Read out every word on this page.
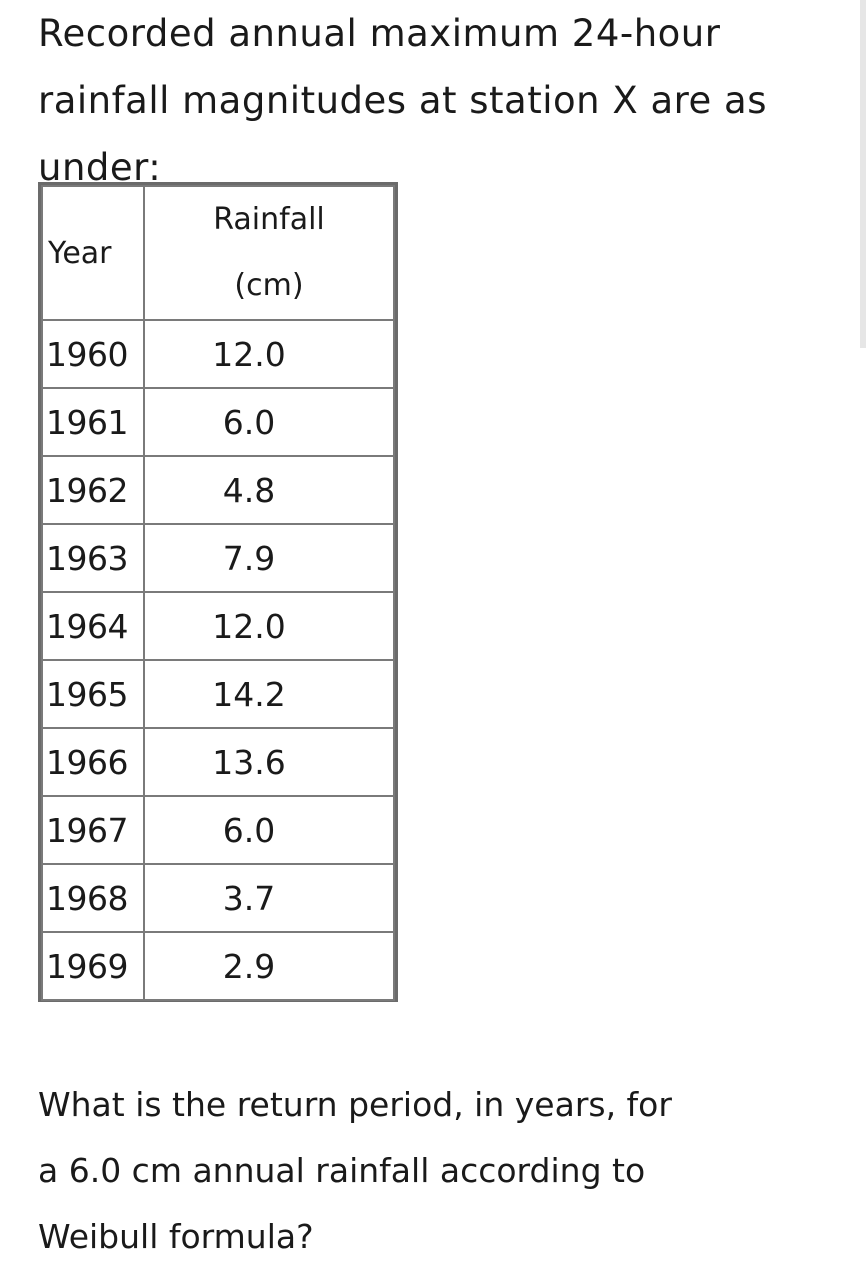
Recorded annual maximum 24-hour
rainfall magnitudes at station X are as
under:
Year	Rainfall
(cm)
1960	12.0
1961	6.0
1962	4.8
1963	7.9
1964	12.0
1965	14.2
1966	13.6
1967	6.0
1968	3.7
1969	2.9
What is the return period, in years, for
a 6.0 cm annual rainfall according to
Weibull formula?
